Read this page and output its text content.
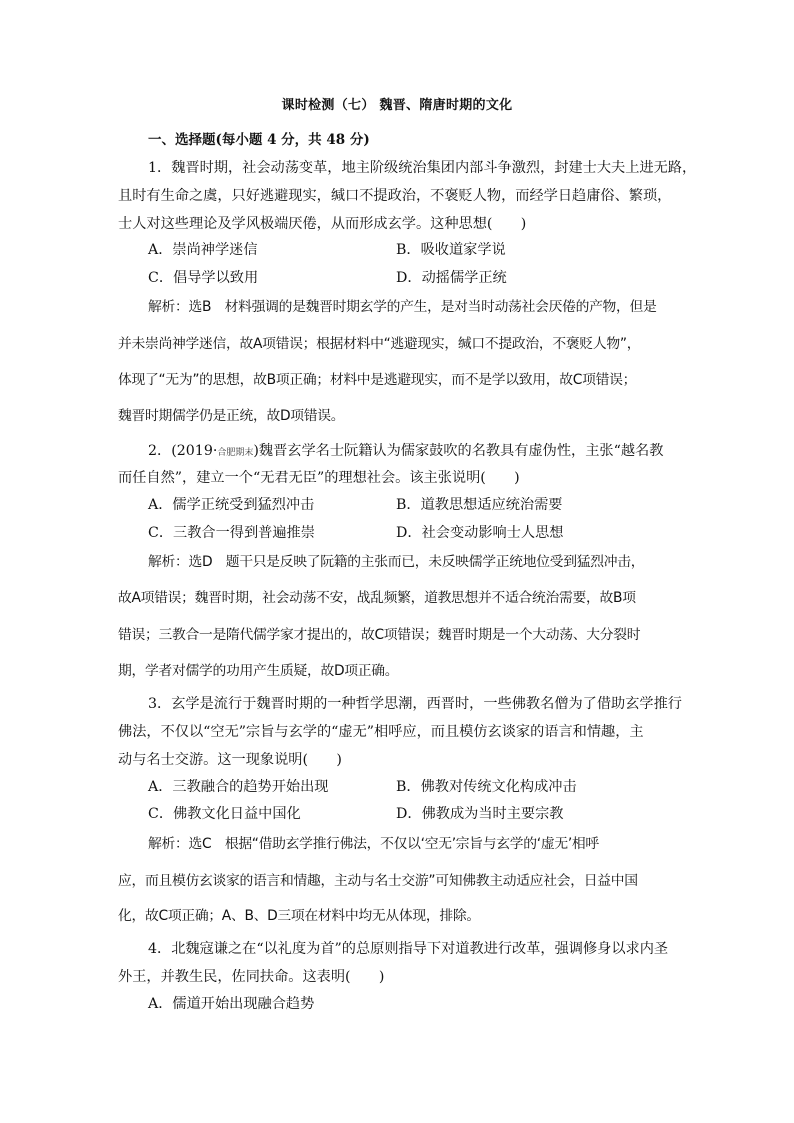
课时检测（七） 魏晋、隋唐时期的文化
一、选择题(每小题 4 分，共 48 分)
1．魏晋时期，社会动荡变革，地主阶级统治集团内部斗争激烈，封建士大夫上进无路，
且时有生命之虞，只好逃避现实，缄口不提政治，不褒贬人物，而经学日趋庸俗、繁琐，
士人对这些理论及学风极端厌倦，从而形成玄学。这种思想(　　)
A．崇尚神学迷信	B．吸收道家学说
C．倡导学以致用	D．动摇儒学正统
解析：选B　材料强调的是魏晋时期玄学的产生，是对当时动荡社会厌倦的产物，但是
并未崇尚神学迷信，故A项错误；根据材料中“逃避现实，缄口不提政治，不褒贬人物”，
体现了“无为”的思想，故B项正确；材料中是逃避现实，而不是学以致用，故C项错误；
魏晋时期儒学仍是正统，故D项错误。
2．(2019·合肥期末)魏晋玄学名士阮籍认为儒家鼓吹的名教具有虚伪性，主张“越名教
而任自然”，建立一个“无君无臣”的理想社会。该主张说明(　　)
A．儒学正统受到猛烈冲击	B．道教思想适应统治需要
C．三教合一得到普遍推崇	D．社会变动影响士人思想
解析：选D　题干只是反映了阮籍的主张而已，未反映儒学正统地位受到猛烈冲击，
故A项错误；魏晋时期，社会动荡不安，战乱频繁，道教思想并不适合统治需要，故B项
错误；三教合一是隋代儒学家才提出的，故C项错误；魏晋时期是一个大动荡、大分裂时
期，学者对儒学的功用产生质疑，故D项正确。
3．玄学是流行于魏晋时期的一种哲学思潮，西晋时，一些佛教名僧为了借助玄学推行
佛法，不仅以“空无”宗旨与玄学的“虚无”相呼应，而且模仿玄谈家的语言和情趣，主
动与名士交游。这一现象说明(　　)
A．三教融合的趋势开始出现	B．佛教对传统文化构成冲击
C．佛教文化日益中国化	D．佛教成为当时主要宗教
解析：选C　根据“借助玄学推行佛法，不仅以‘空无’宗旨与玄学的‘虚无’相呼
应，而且模仿玄谈家的语言和情趣，主动与名士交游”可知佛教主动适应社会，日益中国
化，故C项正确；A、B、D三项在材料中均无从体现，排除。
4．北魏寇谦之在“以礼度为首”的总原则指导下对道教进行改革，强调修身以求内圣
外王，并教生民，佐同扶命。这表明(　　)
A．儒道开始出现融合趋势
